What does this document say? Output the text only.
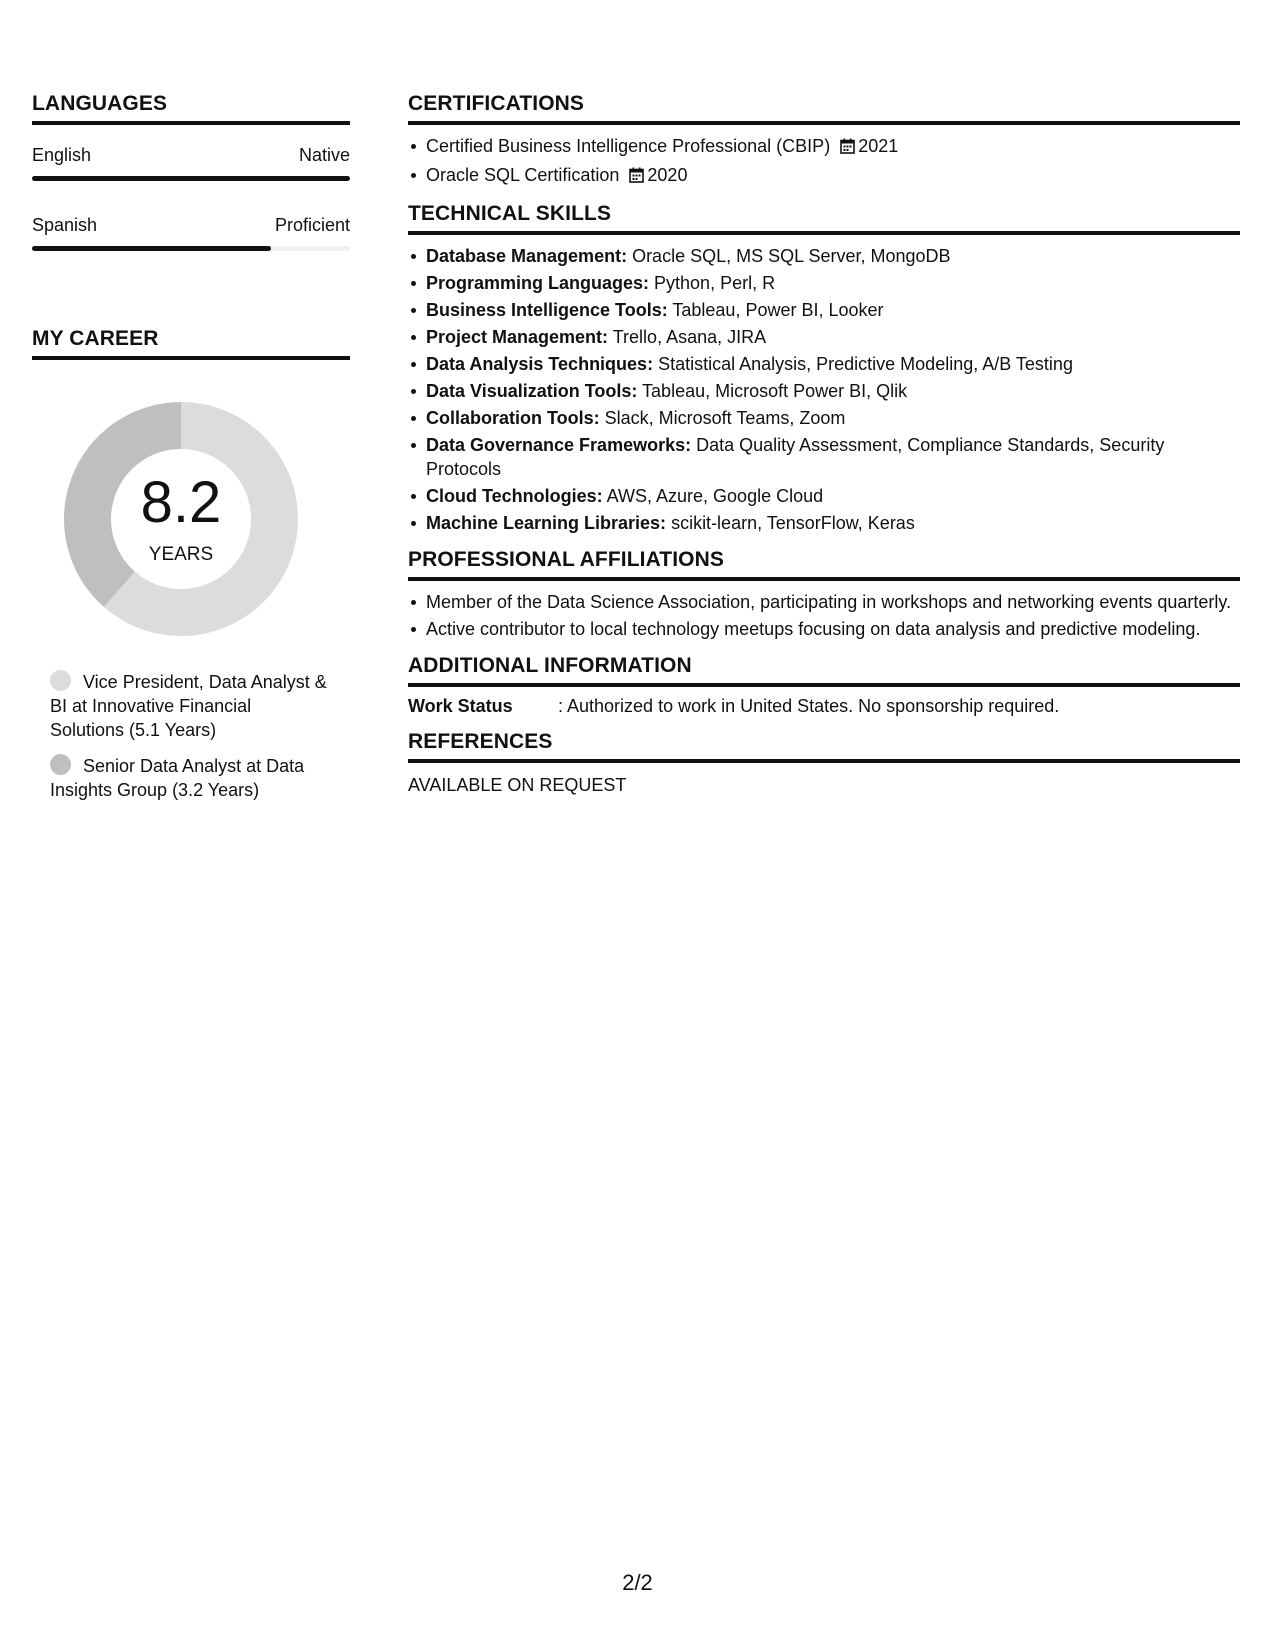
LANGUAGES
English	Native
Spanish	Proficient
MY CAREER
8.2
YEARS
Vice President, Data Analyst & BI at Innovative Financial Solutions (5.1 Years)
Senior Data Analyst at Data Insights Group (3.2 Years)
CERTIFICATIONS
Certified Business Intelligence Professional (CBIP) 2021
Oracle SQL Certification 2020
TECHNICAL SKILLS
Database Management: Oracle SQL, MS SQL Server, MongoDB
Programming Languages: Python, Perl, R
Business Intelligence Tools: Tableau, Power BI, Looker
Project Management: Trello, Asana, JIRA
Data Analysis Techniques: Statistical Analysis, Predictive Modeling, A/B Testing
Data Visualization Tools: Tableau, Microsoft Power BI, Qlik
Collaboration Tools: Slack, Microsoft Teams, Zoom
Data Governance Frameworks: Data Quality Assessment, Compliance Standards, Security Protocols
Cloud Technologies: AWS, Azure, Google Cloud
Machine Learning Libraries: scikit-learn, TensorFlow, Keras
PROFESSIONAL AFFILIATIONS
Member of the Data Science Association, participating in workshops and networking events quarterly.
Active contributor to local technology meetups focusing on data analysis and predictive modeling.
ADDITIONAL INFORMATION
Work Status	: Authorized to work in United States. No sponsorship required.
REFERENCES
AVAILABLE ON REQUEST
2/2
